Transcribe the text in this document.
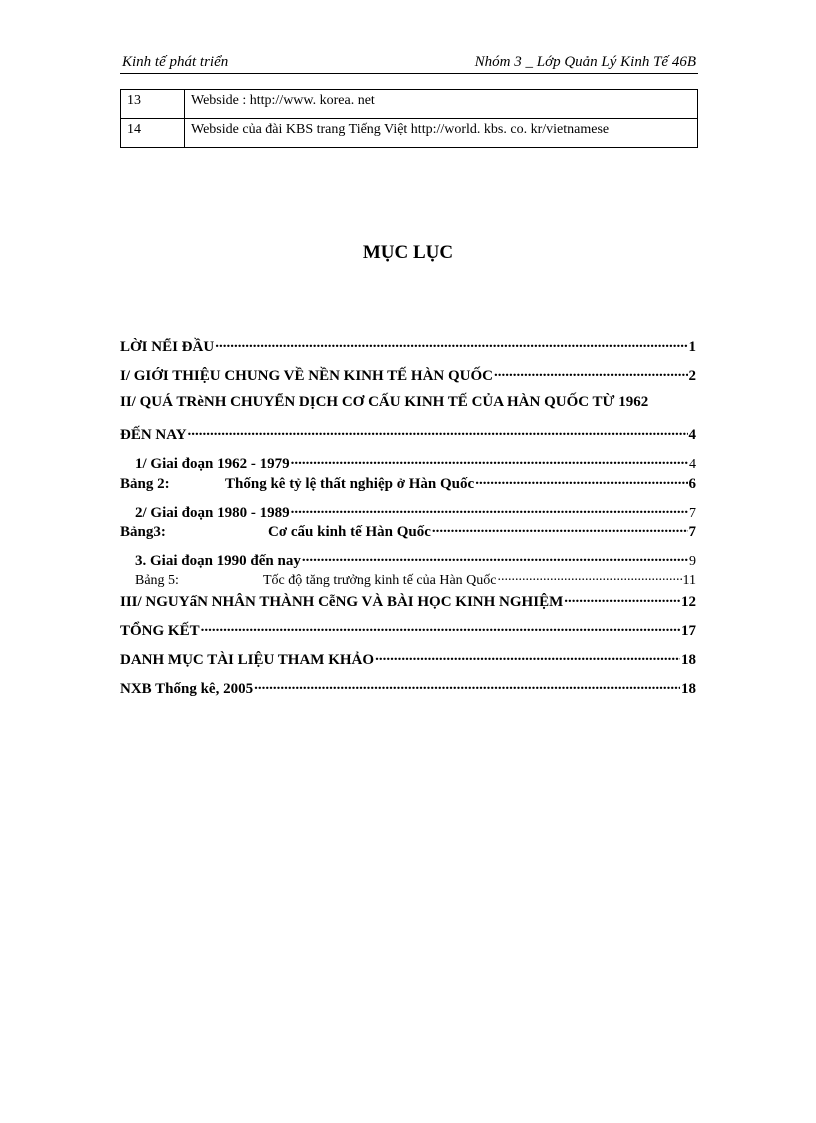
Kinh tế phát triển	Nhóm 3 _ Lớp Quản Lý Kinh Tế 46B
13	Webside : http://www. korea. net
14	Webside của đài KBS trang Tiếng Việt http://world. kbs. co. kr/vietnamese
MỤC LỤC
LỜI NỂI ĐẦU .....	1
I/ GIỚI THIỆU CHUNG VỀ NỀN KINH TẾ HÀN QUỐC .....	2
II/ QUÁ TRèNH CHUYỂN DỊCH CƠ CẤU KINH TẾ CỦA HÀN QUỐC TỪ 1962
ĐẾN NAY .....	4
1/ Giai đoạn 1962 - 1979 .....	4
Bảng 2:	Thống kê tỷ lệ thất nghiệp ở Hàn Quốc .....	6
2/ Giai đoạn 1980 - 1989 .....	7
Bảng3:	Cơ cấu kinh tế Hàn Quốc .....	7
3. Giai đoạn 1990 đến nay .....	9
Bảng 5:	Tốc độ tăng trưởng kinh tế của Hàn Quốc .....	11
III/ NGUYấN NHÂN THÀNH CễNG VÀ BÀI HỌC KINH NGHIỆM .....	12
TỔNG KẾT .....	17
DANH MỤC TÀI LIỆU THAM KHẢO .....	18
NXB Thống kê, 2005 .....	18
